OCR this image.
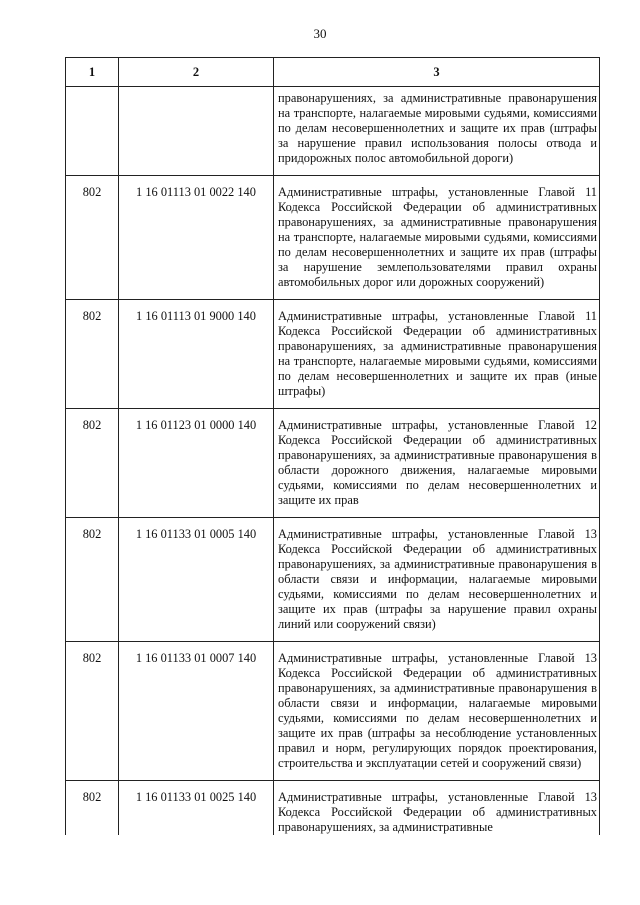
30
1	2	3
		правонарушениях, за административные правонарушения на транспорте, налагаемые мировыми судьями, комиссиями по делам несовершеннолетних и защите их прав (штрафы за нарушение правил использования полосы отвода и придорожных полос автомобильной дороги)
802	1 16 01113 01 0022 140	Административные штрафы, установленные Главой 11 Кодекса Российской Федерации об административных правонарушениях, за административные правонарушения на транспорте, налагаемые мировыми судьями, комиссиями по делам несовершеннолетних и защите их прав (штрафы за нарушение землепользователями правил охраны автомобильных дорог или дорожных сооружений)
802	1 16 01113 01 9000 140	Административные штрафы, установленные Главой 11 Кодекса Российской Федерации об административных правонарушениях, за административные правонарушения на транспорте, налагаемые мировыми судьями, комиссиями по делам несовершеннолетних и защите их прав (иные штрафы)
802	1 16 01123 01 0000 140	Административные штрафы, установленные Главой 12 Кодекса Российской Федерации об административных правонарушениях, за административные правонарушения в области дорожного движения, налагаемые мировыми судьями, комиссиями по делам несовершеннолетних и защите их прав
802	1 16 01133 01 0005 140	Административные штрафы, установленные Главой 13 Кодекса Российской Федерации об административных правонарушениях, за административные правонарушения в области связи и информации, налагаемые мировыми судьями, комиссиями по делам несовершеннолетних и защите их прав (штрафы за нарушение правил охраны линий или сооружений связи)
802	1 16 01133 01 0007 140	Административные штрафы, установленные Главой 13 Кодекса Российской Федерации об административных правонарушениях, за административные правонарушения в области связи и информации, налагаемые мировыми судьями, комиссиями по делам несовершеннолетних и защите их прав (штрафы за несоблюдение установленных правил и норм, регулирующих порядок проектирования, строительства и эксплуатации сетей и сооружений связи)
802	1 16 01133 01 0025 140	Административные штрафы, установленные Главой 13 Кодекса Российской Федерации об административных правонарушениях, за административные
